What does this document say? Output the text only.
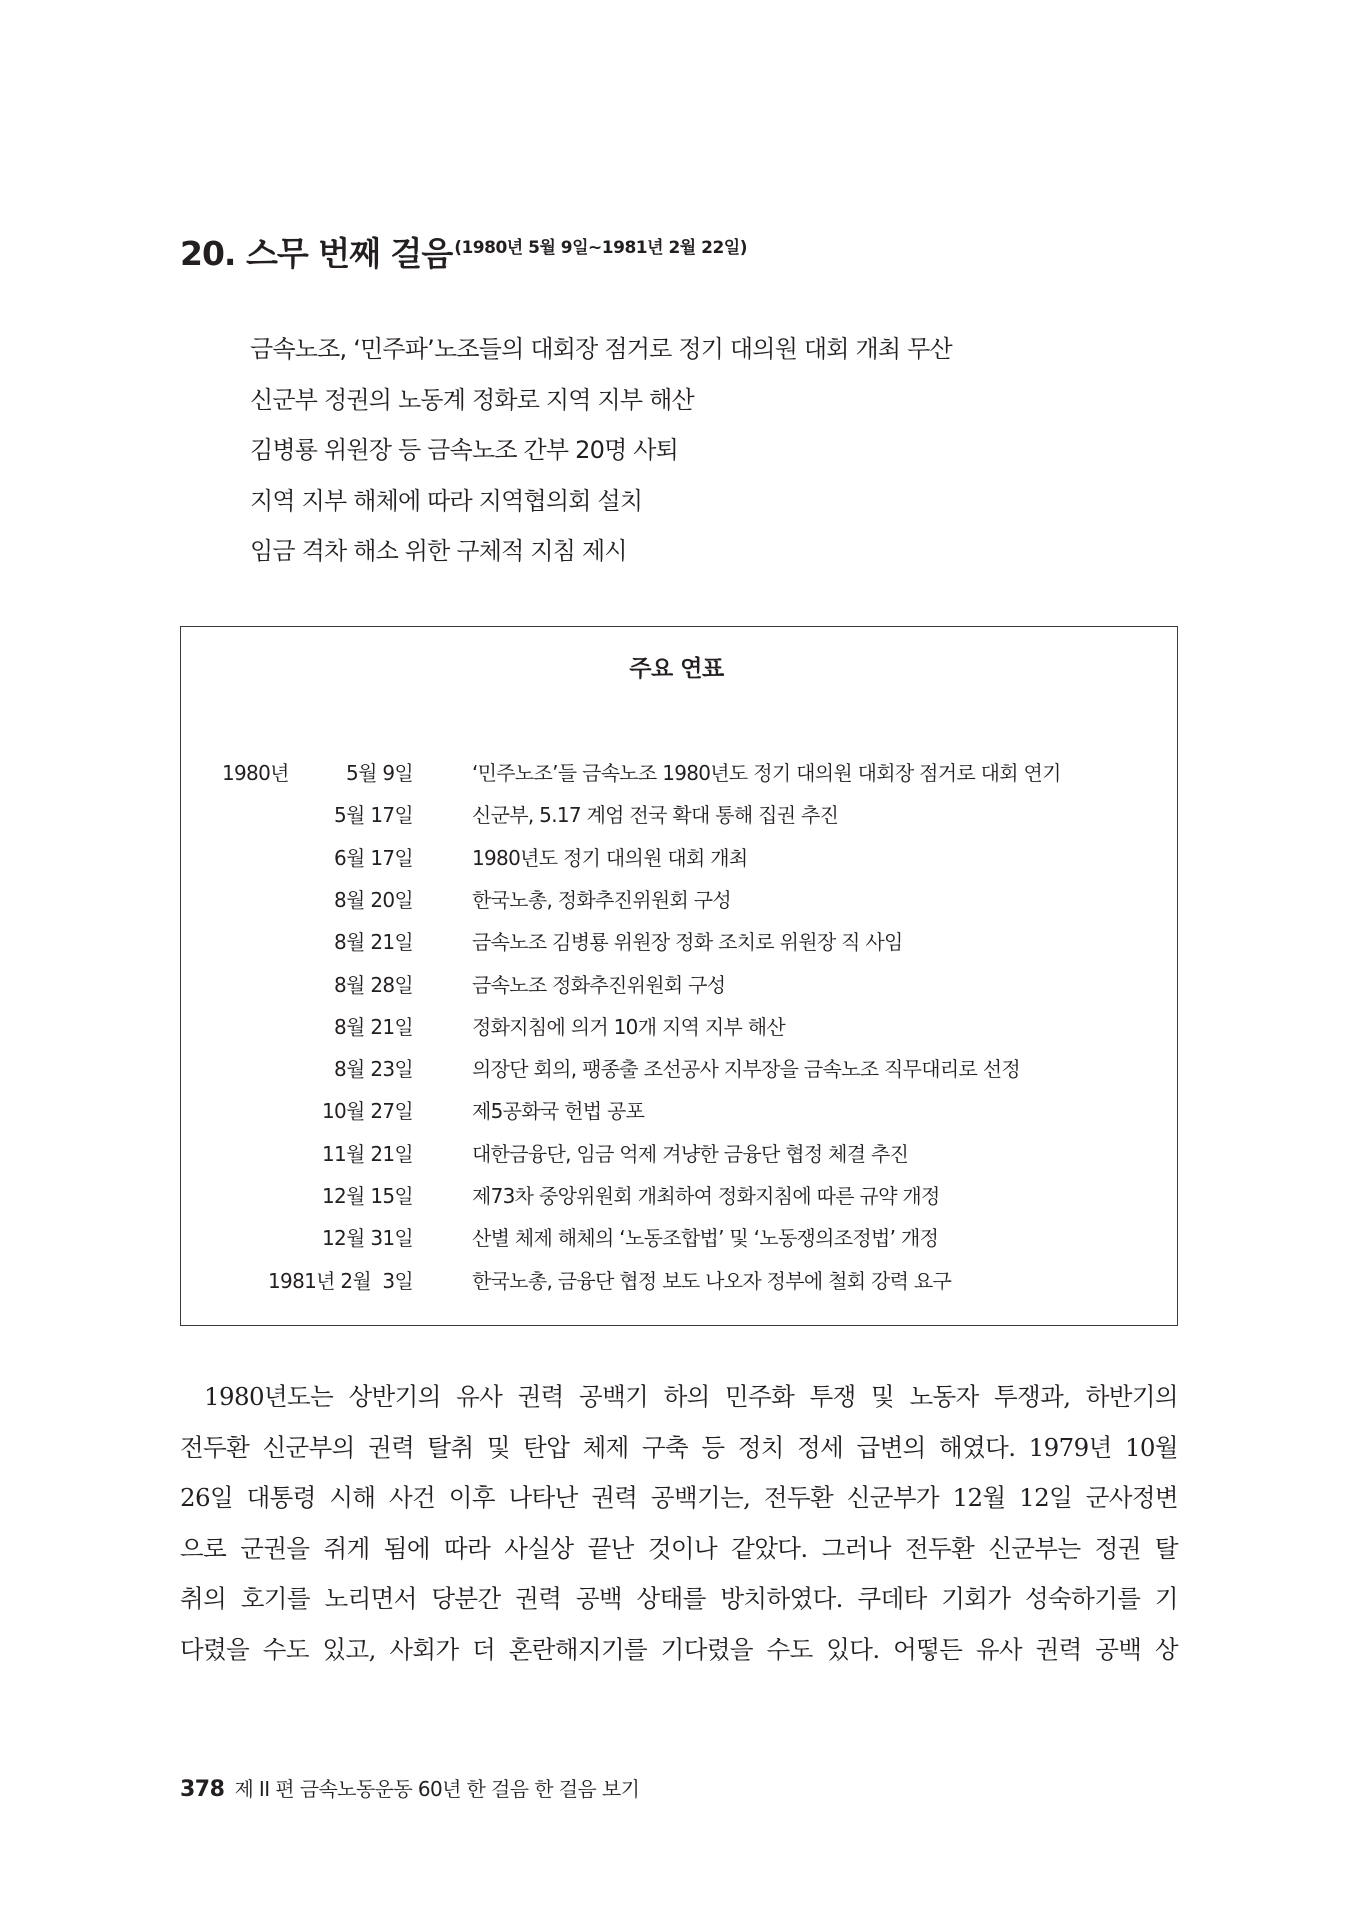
20. 스무 번째 걸음 $^{(1980년 5월 9일\sim 1981년 2월 22일)}$
금속노조, ‘민주파’노조들의 대회장 점거로 정기 대의원 대회 개최 무산
신군부 정권의 노동계 정화로 지역 지부 해산
김병룡 위원장 등 금속노조 간부 20명 사퇴
지역 지부 해체에 따라 지역협의회 설치
임금 격차 해소 위한 구체적 지침 제시
주요 연표
1980년	5월 9일	‘민주노조’들 금속노조 1980년도 정기 대의원 대회장 점거로 대회 연기
5월 17일	신군부, 5.17 계엄 전국 확대 통해 집권 추진
6월 17일	1980년도 정기 대의원 대회 개최
8월 20일	한국노총, 정화추진위원회 구성
8월 21일	금속노조 김병룡 위원장 정화 조치로 위원장 직 사임
8월 28일	금속노조 정화추진위원회 구성
8월 21일	정화지침에 의거 10개 지역 지부 해산
8월 23일	의장단 회의, 팽종출 조선공사 지부장을 금속노조 직무대리로 선정
10월 27일	제5공화국 헌법 공포
11월 21일	대한금융단, 임금 억제 겨냥한 금융단 협정 체결 추진
12월 15일	제73차 중앙위원회 개최하여 정화지침에 따른 규약 개정
12월 31일	산별 체제 해체의 ‘노동조합법’ 및 ‘노동쟁의조정법’ 개정
1981년 2월  3일	한국노총, 금융단 협정 보도 나오자 정부에 철회 강력 요구
1980년도는 상반기의 유사 권력 공백기 하의 민주화 투쟁 및 노동자 투쟁과, 하반기의
전두환 신군부의 권력 탈취 및 탄압 체제 구축 등 정치 정세 급변의 해였다. 1979년 10월
26일 대통령 시해 사건 이후 나타난 권력 공백기는, 전두환 신군부가 12월 12일 군사정변
으로 군권을 쥐게 됨에 따라 사실상 끝난 것이나 같았다. 그러나 전두환 신군부는 정권 탈
취의 호기를 노리면서 당분간 권력 공백 상태를 방치하였다. 쿠데타 기회가 성숙하기를 기
다렸을 수도 있고, 사회가 더 혼란해지기를 기다렸을 수도 있다. 어떻든 유사 권력 공백 상
378 제 II 편 금속노동운동 60년 한 걸음 한 걸음 보기
